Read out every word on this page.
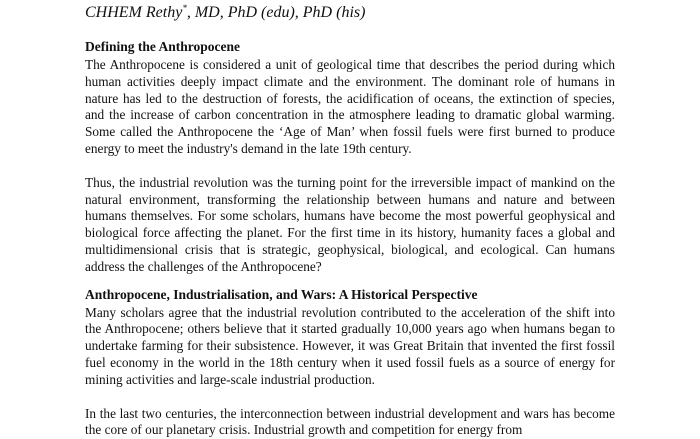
CHHEM Rethy*, MD, PhD (edu), PhD (his)
Defining the Anthropocene

The Anthropocene is considered a unit of geological time that describes the period during which human activities deeply impact climate and the environment. The dominant role of humans in nature has led to the destruction of forests, the acidification of oceans, the extinction of species, and the increase of carbon concentration in the atmosphere leading to dramatic global warming. Some called the Anthropocene the ‘Age of Man’ when fossil fuels were first burned to produce energy to meet the industry's demand in the late 19th century.

Thus, the industrial revolution was the turning point for the irreversible impact of mankind on the natural environment, transforming the relationship between humans and nature and between humans themselves. For some scholars, humans have become the most powerful geophysical and biological force affecting the planet. For the first time in its history, humanity faces a global and multidimensional crisis that is strategic, geophysical, biological, and ecological. Can humans address the challenges of the Anthropocene?

Anthropocene, Industrialisation, and Wars: A Historical Perspective

Many scholars agree that the industrial revolution contributed to the acceleration of the shift into the Anthropocene; others believe that it started gradually 10,000 years ago when humans began to undertake farming for their subsistence. However, it was Great Britain that invented the first fossil fuel economy in the world in the 18th century when it used fossil fuels as a source of energy for mining activities and large-scale industrial production.

In the last two centuries, the interconnection between industrial development and wars has become the core of our planetary crisis. Industrial growth and competition for energy from
